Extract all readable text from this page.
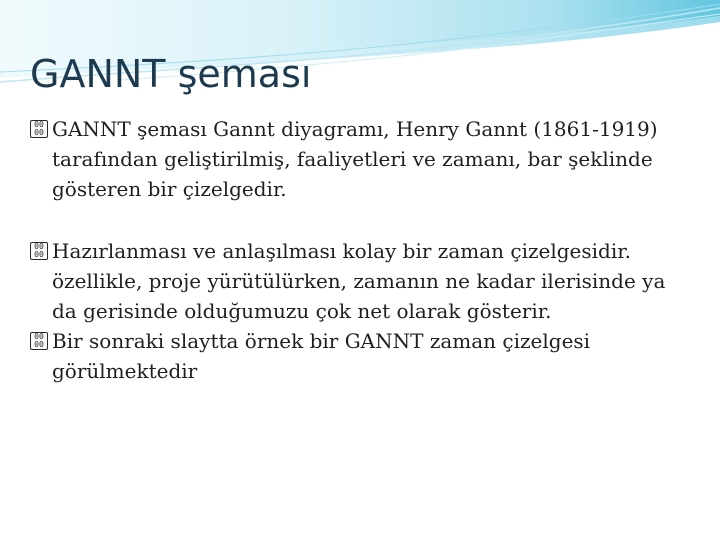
GANNT şeması
00
00 GANNT şeması Gannt diyagramı, Henry Gannt (1861-1919) tarafından geliştirilmiş, faaliyetleri ve zamanı, bar şeklinde gösteren bir çizelgedir.
00
00 Hazırlanması ve anlaşılması kolay bir zaman çizelgesidir. özellikle, proje yürütülürken, zamanın ne kadar ilerisinde ya da gerisinde olduğumuzu çok net olarak gösterir.
00
00 Bir sonraki slaytta örnek bir GANNT zaman çizelgesi görülmektedir
